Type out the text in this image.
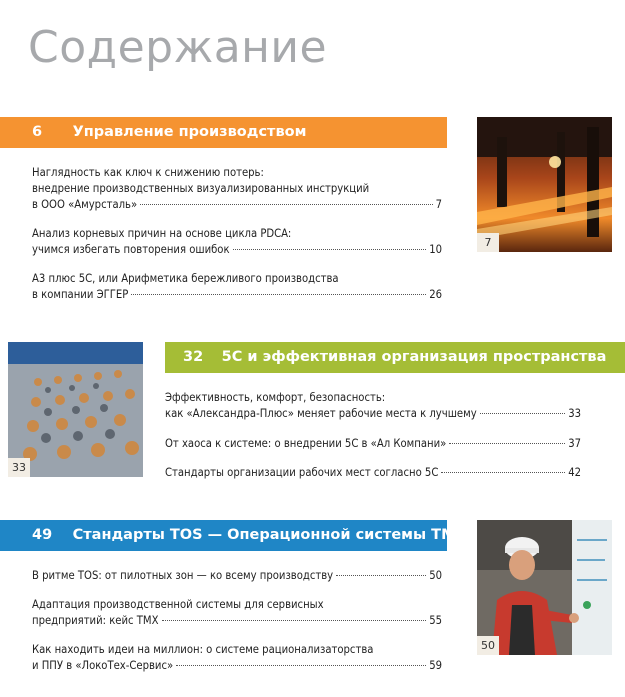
Содержание
6 Управление производством
Наглядность как ключ к снижению потерь:
внедрение производственных визуализированных инструкций
в ООО «Амурсталь»	7
Анализ корневых причин на основе цикла PDCA:
учимся избегать повторения ошибок	10
А3 плюс 5С, или Арифметика бережливого производства
в компании ЭГГЕР	26
7
33
32 5С и эффективная организация пространства
Эффективность, комфорт, безопасность:
как «Александра-Плюс» меняет рабочие места к лучшему	33
От хаоса к системе: о внедрении 5С в «Ал Компани»	37
Стандарты организации рабочих мест согласно 5С	42
49 Стандарты TOS — Операционной системы ТМХ
В ритме TOS: от пилотных зон — ко всему производству	50
Адаптация производственной системы для сервисных
предприятий: кейс ТМХ	55
Как находить идеи на миллион: о системе рационализаторства
и ППУ в «ЛокоТех-Сервис»	59
50
